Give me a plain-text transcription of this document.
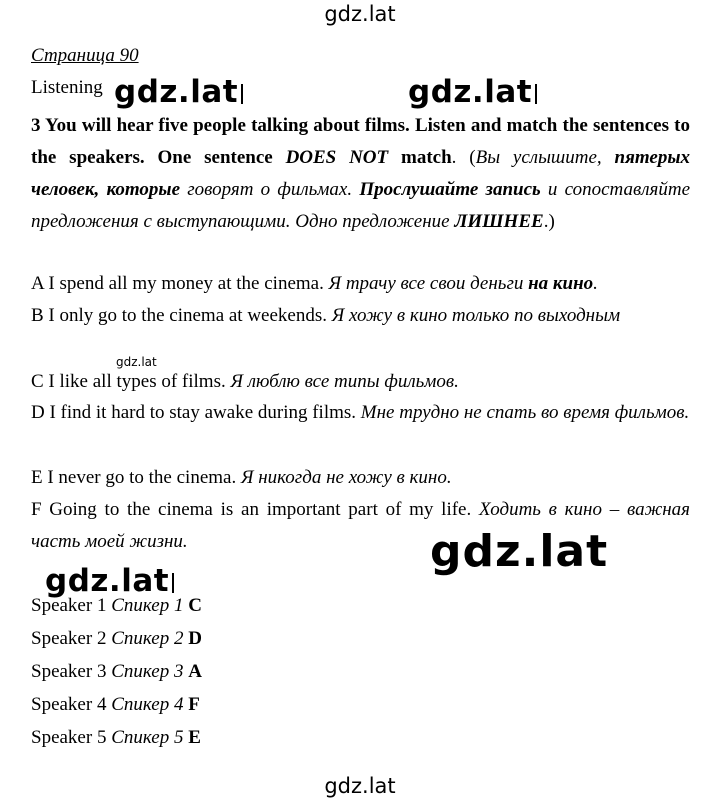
gdz.lat
Страница 90
Listening gdz.lat	gdz.lat

3 You will hear five people talking about films. Listen and match the sentences to the speakers. One sentence DOES NOT match. (Вы услышите, пятерых человек, которые говорят о фильмах. Прослушайте запись и сопоставляйте предложения с выступающими. Одно предложение ЛИШНЕЕ.)

A I spend all my money at the cinema. Я трачу все свои деньги на кино.

B I only go to the cinema at weekends. Я хожу в кино только по выходным

gdz.lat

C I like all types of films. Я люблю все типы фильмов.

D I find it hard to stay awake during films. Мне трудно не спать во время фильмов.

E I never go to the cinema. Я никогда не хожу в кино.

F Going to the cinema is an important part of my life. Ходить в кино – важная часть моей жизни.	gdz.lat
gdz.lat
Speaker 1 Спикер 1 C
Speaker 2 Спикер 2 D
Speaker 3 Спикер 3 A
Speaker 4 Спикер 4 F
Speaker 5 Спикер 5 E
gdz.lat
